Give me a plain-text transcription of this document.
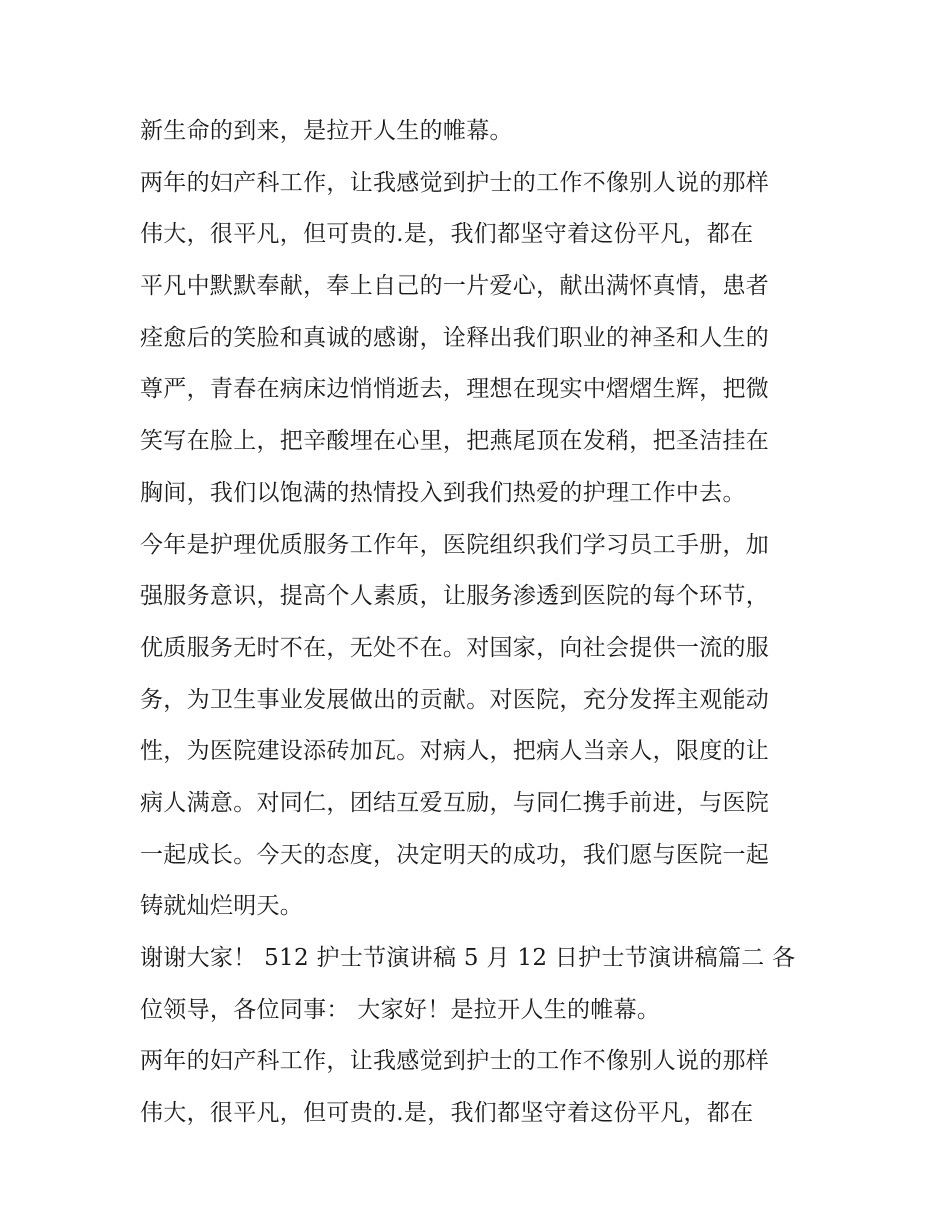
新生命的到来，是拉开人生的帷幕。
两年的妇产科工作，让我感觉到护士的工作不像别人说的那样
伟大，很平凡，但可贵的.是，我们都坚守着这份平凡，都在
平凡中默默奉献，奉上自己的一片爱心，献出满怀真情，患者
痊愈后的笑脸和真诚的感谢，诠释出我们职业的神圣和人生的
尊严，青春在病床边悄悄逝去，理想在现实中熠熠生辉，把微
笑写在脸上，把辛酸埋在心里，把燕尾顶在发稍，把圣洁挂在
胸间，我们以饱满的热情投入到我们热爱的护理工作中去。
今年是护理优质服务工作年，医院组织我们学习员工手册，加
强服务意识，提高个人素质，让服务渗透到医院的每个环节，
优质服务无时不在，无处不在。对国家，向社会提供一流的服
务，为卫生事业发展做出的贡献。对医院，充分发挥主观能动
性，为医院建设添砖加瓦。对病人，把病人当亲人，限度的让
病人满意。对同仁，团结互爱互励，与同仁携手前进，与医院
一起成长。今天的态度，决定明天的成功，我们愿与医院一起
铸就灿烂明天。
谢谢大家！ 512 护士节演讲稿 5 月 12 日护士节演讲稿篇二 各
位领导，各位同事： 大家好！是拉开人生的帷幕。
两年的妇产科工作，让我感觉到护士的工作不像别人说的那样
伟大，很平凡，但可贵的.是，我们都坚守着这份平凡，都在
